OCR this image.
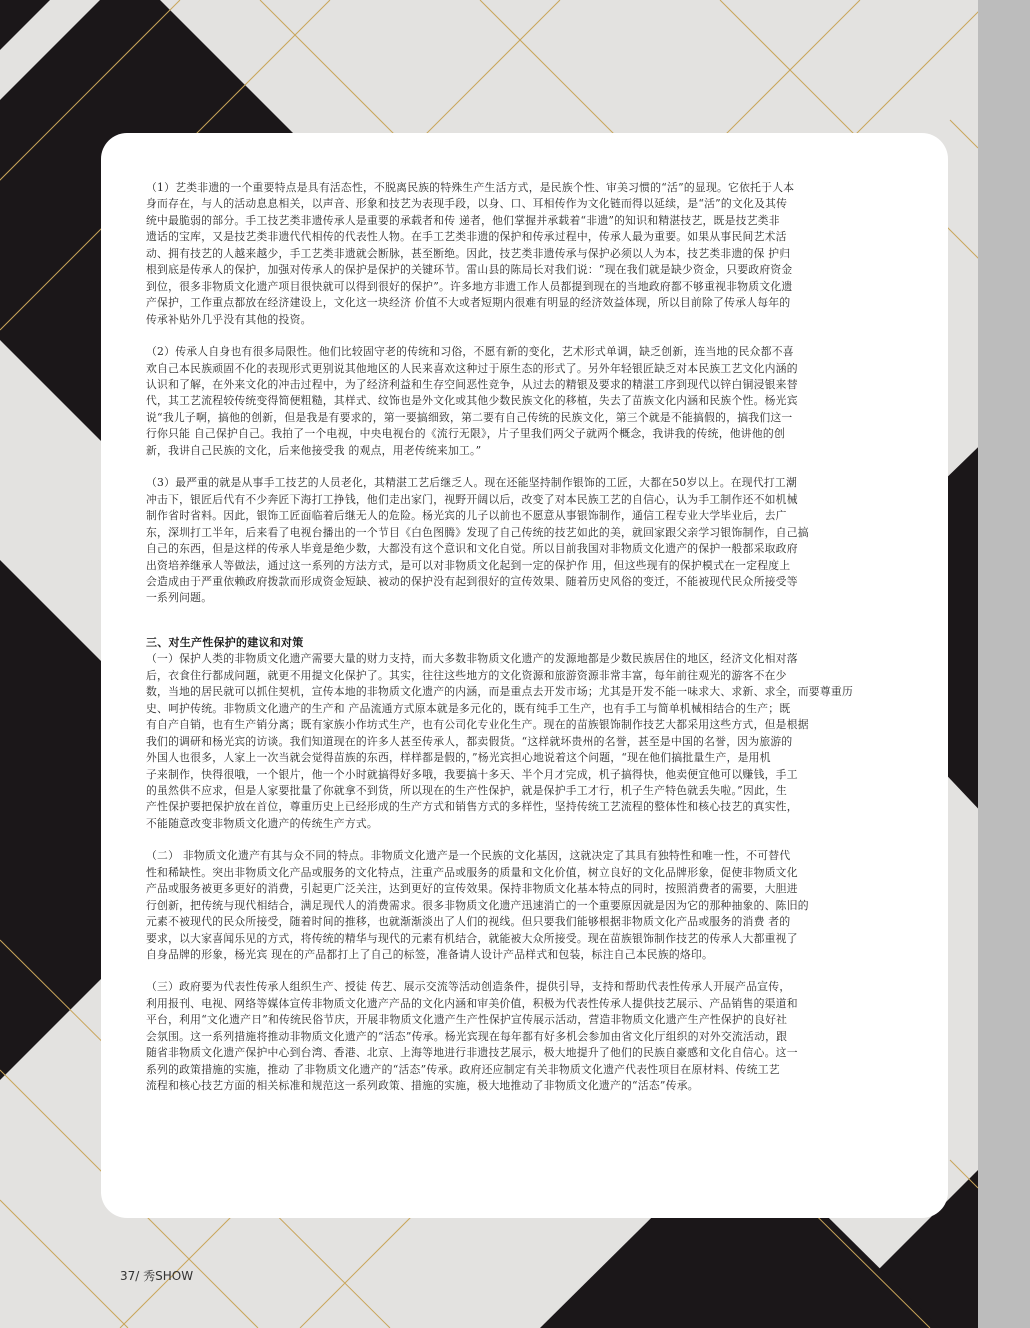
（1）艺类非遗的一个重要特点是具有活态性，不脱离民族的特殊生产生活方式，是民族个性、审美习惯的“活”的显现。它依托于人本
身而存在，与人的活动息息相关，以声音、形象和技艺为表现手段，以身、口、耳相传作为文化链而得以延续，是“活”的文化及其传
统中最脆弱的部分。手工技艺类非遗传承人是重要的承载者和传 递者，他们掌握并承载着“非遗”的知识和精湛技艺，既是技艺类非
遗话的宝库，又是技艺类非遗代代相传的代表性人物。在手工艺类非遗的保护和传承过程中，传承人最为重要。如果从事民间艺术活
动、拥有技艺的人越来越少，手工艺类非遗就会断脉，甚至断绝。因此，技艺类非遗传承与保护必须以人为本，技艺类非遗的保 护归
根到底是传承人的保护，加强对传承人的保护是保护的关键环节。雷山县的陈局长对我们说：“现在我们就是缺少资金，只要政府资金
到位，很多非物质文化遗产项目很快就可以得到很好的保护”。许多地方非遗工作人员都提到现在的当地政府都不够重视非物质文化遗
产保护，工作重点都放在经济建设上，文化这一块经济 价值不大或者短期内很难有明显的经济效益体现，所以目前除了传承人每年的
传承补贴外几乎没有其他的投资。

（2）传承人自身也有很多局限性。他们比较固守老的传统和习俗，不愿有新的变化，艺术形式单调，缺乏创新，连当地的民众都不喜
欢自己本民族顽固不化的表现形式更别说其他地区的人民来喜欢这种过于原生态的形式了。另外年轻银匠缺乏对本民族工艺文化内涵的
认识和了解，在外来文化的冲击过程中，为了经济利益和生存空间恶性竞争，从过去的精银及要求的精湛工序到现代以锌白铜浸银来替
代，其工艺流程较传统变得简便粗糙，其样式、纹饰也是外文化或其他少数民族文化的移植，失去了苗族文化内涵和民族个性。杨光宾
说“我儿子啊，搞他的创新，但是我是有要求的，第一要搞细致，第二要有自己传统的民族文化，第三个就是不能搞假的，搞我们这一
行你只能 自己保护自己。我拍了一个电视，中央电视台的《流行无限》，片子里我们两父子就两个概念，我讲我的传统，他讲他的创
新，我讲自己民族的文化，后来他接受我 的观点，用老传统来加工。”

（3）最严重的就是从事手工技艺的人员老化，其精湛工艺后继乏人。现在还能坚持制作银饰的工匠，大都在50岁以上。在现代打工潮
冲击下，银匠后代有不少奔匠下海打工挣钱，他们走出家门，视野开阔以后，改变了对本民族工艺的自信心，认为手工制作还不如机械
制作省时省料。因此，银饰工匠面临着后继无人的危险。杨光宾的儿子以前也不愿意从事银饰制作，通信工程专业大学毕业后，去广
东，深圳打工半年，后来看了电视台播出的一个节目《白色图腾》发现了自己传统的技艺如此的美，就回家跟父亲学习银饰制作，自己搞
自己的东西，但是这样的传承人毕竟是绝少数，大都没有这个意识和文化自觉。所以目前我国对非物质文化遗产的保护一般都采取政府
出资培养继承人等做法，通过这一系列的方法方式，是可以对非物质文化起到一定的保护作 用，但这些现有的保护模式在一定程度上
会造成由于严重依赖政府拨款而形成资金短缺、被动的保护没有起到很好的宣传效果、随着历史风俗的变迁，不能被现代民众所接受等
一系列问题。

三、对生产性保护的建议和对策

（一）保护人类的非物质文化遗产需要大量的财力支持，而大多数非物质文化遗产的发源地都是少数民族居住的地区，经济文化相对落
后，衣食住行都成问题，就更不用提文化保护了。其实，往往这些地方的文化资源和旅游资源非常丰富，每年前往观光的游客不在少
数，当地的居民就可以抓住契机，宣传本地的非物质文化遗产的内涵，而是重点去开发市场；尤其是开发不能一味求大、求新、求全，而要尊重历
史、呵护传统。非物质文化遗产的生产和 产品流通方式原本就是多元化的，既有纯手工生产，也有手工与简单机械相结合的生产；既
有自产自销，也有生产销分离；既有家族小作坊式生产，也有公司化专业化生产。现在的苗族银饰制作技艺大都采用这些方式，但是根据
我们的调研和杨光宾的访谈。我们知道现在的许多人甚至传承人，都卖假货。“这样就坏贵州的名誉，甚至是中国的名誉，因为旅游的
外国人也很多，人家上一次当就会觉得苗族的东西，样样都是假的，”杨光宾担心地说着这个问题，“现在他们搞批量生产，是用机
子来制作，快得很哦，一个银片，他一个小时就搞得好多哦，我要搞十多天、半个月才完成，机子搞得快，他卖便宜他可以赚钱，手工
的虽然供不应求，但是人家要批量了你就拿不到货，所以现在的生产性保护，就是保护手工才行，机子生产特色就丢失啦。”因此，生
产性保护要把保护放在首位，尊重历史上已经形成的生产方式和销售方式的多样性，坚持传统工艺流程的整体性和核心技艺的真实性，
不能随意改变非物质文化遗产的传统生产方式。

（二） 非物质文化遗产有其与众不同的特点。非物质文化遗产是一个民族的文化基因，这就决定了其具有独特性和唯一性，不可替代
性和稀缺性。突出非物质文化产品或服务的文化特点，注重产品或服务的质量和文化价值，树立良好的文化品牌形象，促使非物质文化
产品或服务被更多更好的消费，引起更广泛关注，达到更好的宣传效果。保持非物质文化基本特点的同时，按照消费者的需要，大胆进
行创新，把传统与现代相结合，满足现代人的消费需求。很多非物质文化遗产迅速消亡的一个重要原因就是因为它的那种抽象的、陈旧的
元素不被现代的民众所接受，随着时间的推移，也就渐渐淡出了人们的视线。但只要我们能够根据非物质文化产品或服务的消费 者的
要求，以大家喜闻乐见的方式，将传统的精华与现代的元素有机结合，就能被大众所接受。现在苗族银饰制作技艺的传承人大都重视了
自身品牌的形象，杨光宾 现在的产品都打上了自己的标签，准备请人设计产品样式和包装，标注自己本民族的烙印。

（三）政府要为代表性传承人组织生产、授徒 传艺、展示交流等活动创造条件，提供引导，支持和帮助代表性传承人开展产品宣传，
利用报刊、电视、网络等媒体宣传非物质文化遗产产品的文化内涵和审美价值，积极为代表性传承人提供技艺展示、产品销售的渠道和
平台，利用“文化遗产日”和传统民俗节庆，开展非物质文化遗产生产性保护宣传展示活动，营造非物质文化遗产生产性保护的良好社
会氛围。这一系列措施将推动非物质文化遗产的“活态”传承。杨光宾现在每年都有好多机会参加由省文化厅组织的对外交流活动，跟
随省非物质文化遗产保护中心到台湾、香港、北京、上海等地进行非遗技艺展示，极大地提升了他们的民族自豪感和文化自信心。这一
系列的政策措施的实施，推动 了非物质文化遗产的“活态”传承。政府还应制定有关非物质文化遗产代表性项目在原材料、传统工艺
流程和核心技艺方面的相关标准和规范这一系列政策、措施的实施，极大地推动了非物质文化遗产的“活态”传承。

37/ 秀SHOW
